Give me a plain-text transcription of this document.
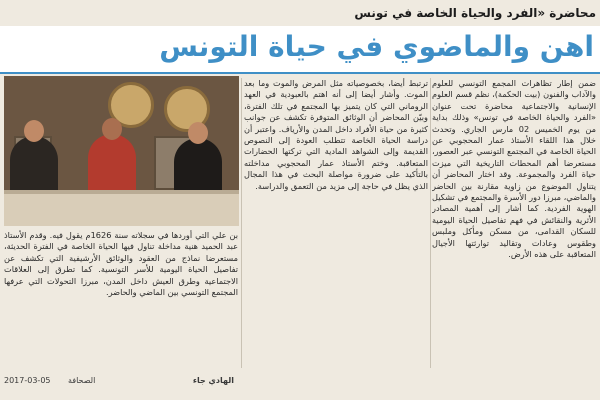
محاضرة «الفرد والحياة الخاصة في تونس
اهن والماضوي في حياة التونس
ضمن إطار تظاهرات المجمع التونسي للعلوم والآداب والفنون (بيت الحكمة)، نظم قسم العلوم الإنسانية والاجتماعية محاضرة تحت عنوان «الفرد والحياة الخاصة في تونس» وذلك بداية من يوم الخميس 02 مارس الجاري. وتحدث خلال هذا اللقاء الأستاذ عمار المحجوبي عن الحياة الخاصة في المجتمع التونسي عبر العصور، مستعرضا أهم المحطات التاريخية التي ميزت حياة الفرد والمجموعة. وقد اختار المحاضر أن يتناول الموضوع من زاوية مقارنة بين الحاضر والماضي، مبرزا دور الأسرة والمجتمع في تشكيل الهوية الفردية. كما أشار إلى أهمية المصادر الأثرية والنقائش في فهم تفاصيل الحياة اليومية للسكان القدامى، من مسكن ومأكل وملبس وطقوس وعادات وتقاليد توارثتها الأجيال المتعاقبة على هذه الأرض.
ترتبط أيضا، بخصوصياته مثل المرض والموت وما بعد الموت. وأشار أيضا إلى أنه اهتم بالعبودية في العهد الروماني التي كان يتميز بها المجتمع في تلك الفترة، وبيّن المحاضر أن الوثائق المتوفرة تكشف عن جوانب كثيرة من حياة الأفراد داخل المدن والأرياف. واعتبر أن دراسة الحياة الخاصة تتطلب العودة إلى النصوص القديمة وإلى الشواهد المادية التي تركتها الحضارات المتعاقبة. وختم الأستاذ عمار المحجوبي مداخلته بالتأكيد على ضرورة مواصلة البحث في هذا المجال الذي يظل في حاجة إلى مزيد من التعمق والدراسة.
بن علي التي أوردها في سجلاته سنة 1626م يقول فيه. وقدم الأستاذ عبد الحميد هنية مداخلة تناول فيها الحياة الخاصة في الفترة الحديثة، مستعرضا نماذج من العقود والوثائق الأرشيفية التي تكشف عن تفاصيل الحياة اليومية للأسر التونسية. كما تطرق إلى العلاقات الاجتماعية وطرق العيش داخل المدن، مبرزا التحولات التي عرفها المجتمع التونسي بين الماضي والحاضر.
الهادي جاء
الصحافة
2017-03-05
